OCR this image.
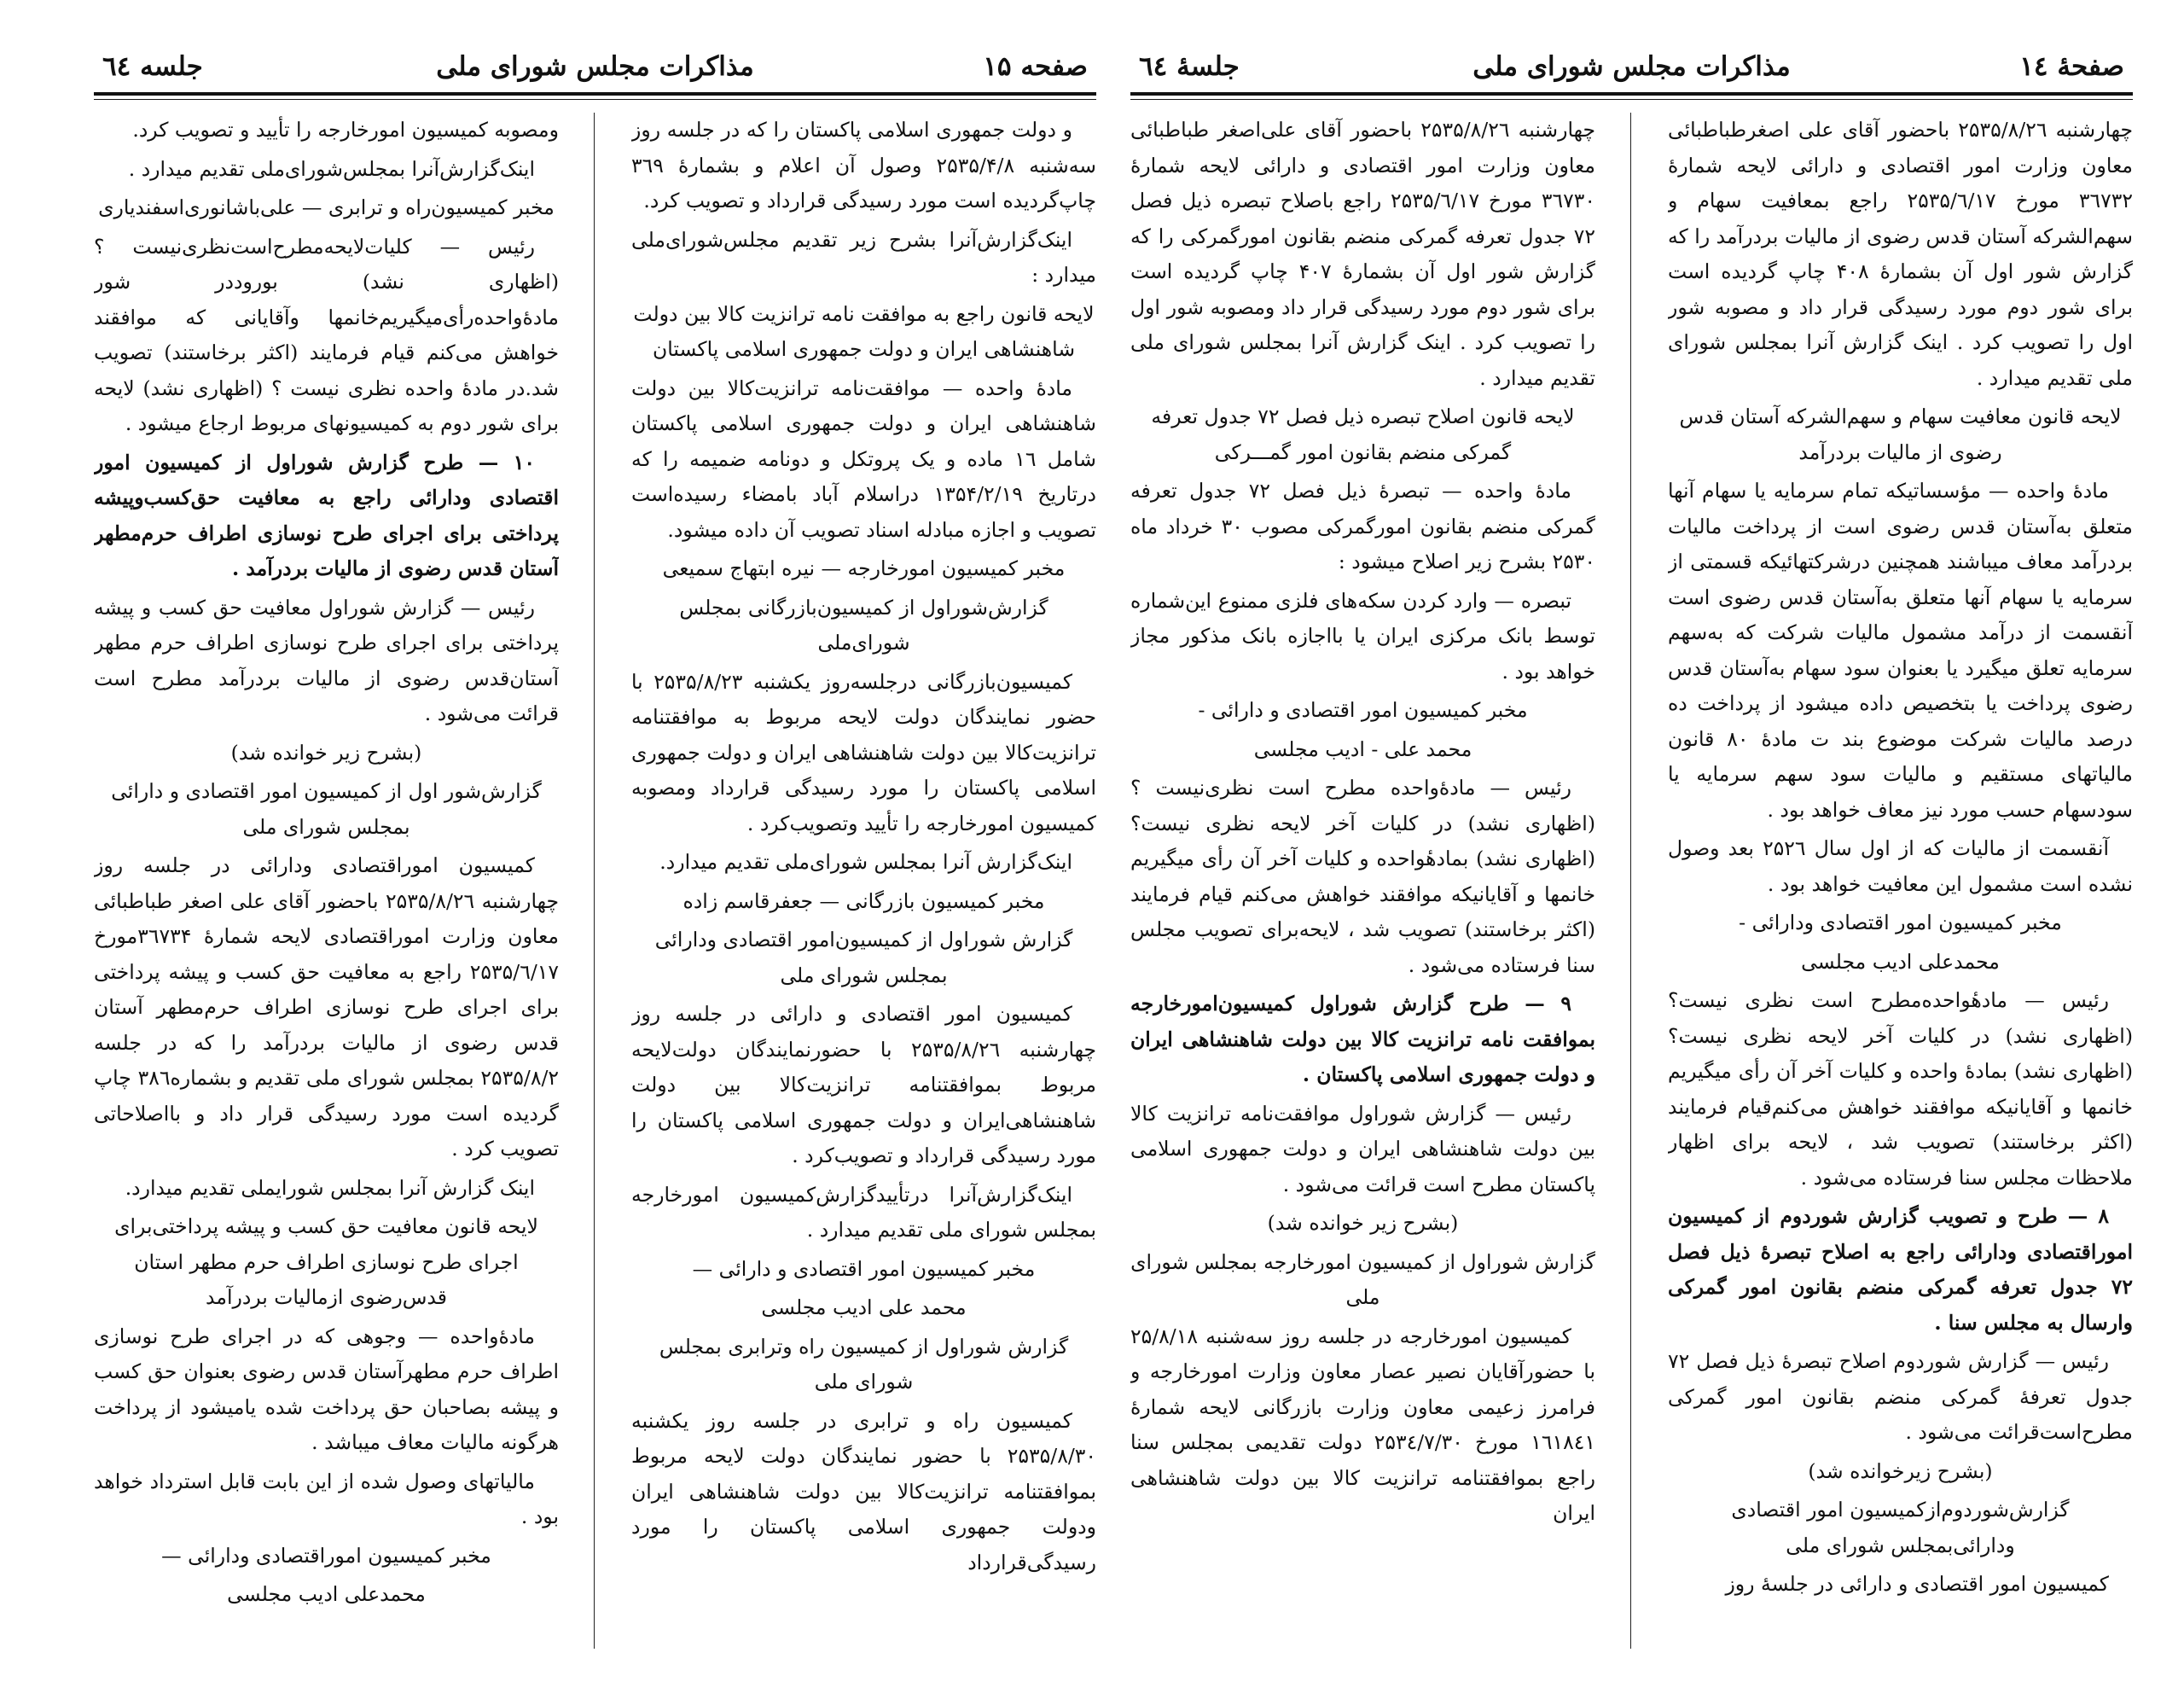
صفحه ۱۵
مذاکرات مجلس شورای ملی
جلسه ٦٤

و دولت جمهوری اسلامی پاکستان را که در جلسه روز سه‌شنبه ۲۵۳۵/۴/۸ وصول آن اعلام و بشمارهٔ ۳٦۹ چاپ‌گردیده است مورد رسیدگی قرارداد و تصویب کرد.

اینک‌گزارش‌آنرا بشرح زیر تقدیم مجلس‌شورای‌ملی میدارد :

لایحه قانون راجع به موافقت نامه ترانزیت کالا بین دولت شاهنشاهی ایران و دولت جمهوری اسلامی پاکستان

مادهٔ واحده — موافقت‌نامه ترانزیت‌کالا بین دولت شاهنشاهی ایران و دولت جمهوری اسلامی پاکستان شامل ۱٦ ماده و یک پروتکل و دونامه ضمیمه را که درتاریخ ۱۳۵۴/۲/۱۹ دراسلام آباد بامضاء رسیده‌است تصویب و اجازه مبادله اسناد تصویب آن داده میشود.

مخبر کمیسیون امورخارجه — نیره ابتهاج سمیعی

گزارش‌شوراول از کمیسیون‌بازرگانی بمجلس شورای‌ملی

کمیسیون‌بازرگانی درجلسه‌روز یکشنبه ۲۵۳۵/۸/۲۳ با حضور نمایندگان دولت لایحه مربوط به موافقتنامه ترانزیت‌کالا بین دولت شاهنشاهی ایران و دولت جمهوری اسلامی پاکستان را مورد رسیدگی قرارداد ومصوبه کمیسیون امورخارجه را تأیید وتصویب‌کرد .

اینک‌گزارش آنرا بمجلس شورای‌ملی تقدیم میدارد.

مخبر کمیسیون بازرگانی — جعفرقاسم زاده

گزارش شوراول از کمیسیون‌امور اقتصادی ودارائی بمجلس شورای ملی

کمیسیون امور اقتصادی و دارائی در جلسه روز چهارشنبه ۲۵۳۵/۸/۲٦ با حضورنمایندگان دولت‌لایحه مربوط بموافقتنامه ترانزیت‌کالا بین دولت شاهنشاهی‌ایران و دولت جمهوری اسلامی پاکستان را مورد رسیدگی قرارداد و تصویب‌کرد .

اینک‌گزارش‌آنرا درتأییدگزارش‌کمیسیون امورخارجه بمجلس شورای ملی تقدیم میدارد .

مخبر کمیسیون امور اقتصادی و دارائی —

محمد علی ادیب مجلسی

گزارش شوراول از کمیسیون راه وترابری بمجلس شورای ملی

کمیسیون راه و ترابری در جلسه روز یکشنبه ۲۵۳۵/۸/۳۰ با حضور نمایندگان دولت لایحه مربوط بموافقتنامه ترانزیت‌کالا بین دولت شاهنشاهی ایران ودولت جمهوری اسلامی پاکستان را مورد رسیدگی‌قرارداد

ومصوبه کمیسیون امورخارجه را تأیید و تصویب کرد.

اینک‌گزارش‌آنرا بمجلس‌شورای‌ملی تقدیم میدارد .

مخبر کمیسیون‌راه و ترابری — علی‌باشانوری‌اسفندیاری

رئیس — کلیات‌لایحه‌مطرح‌است‌نظری‌نیست ؟ (اظهاری نشد) بورود‌در شور مادهٔ‌واحده‌رأی‌میگیریم‌خانمها وآقایانی که موافقند خواهش می‌کنم قیام فرمایند (اکثر برخاستند) تصویب شد.در مادهٔ واحده نظری نیست ؟ (اظهاری نشد) لایحه برای شور دوم به کمیسیونهای مربوط ارجاع میشود .

۱۰ — طرح گزارش شوراول از کمیسیون امور اقتصادی ودارائی راجع به معافیت حق‌کسب‌وپیشه پرداختی برای اجرای طرح نوسازی اطراف حرم‌مطهر آستان قدس رضوی از مالیات بردرآمد .

رئیس — گزارش شوراول معافیت حق کسب و پیشه پرداختی برای اجرای طرح نوسازی اطراف حرم مطهر آستان‌قدس رضوی از مالیات بردرآمد مطرح است قرائت می‌شود .

(بشرح زیر خوانده شد)

گزارش‌شور اول از کمیسیون امور اقتصادی و دارائی بمجلس شورای ملی

کمیسیون اموراقتصادی ودارائی در جلسه روز چهارشنبه ۲۵۳۵/۸/۲٦ باحضور آقای علی اصغر طباطبائی معاون وزارت اموراقتصادی لایحه شمارهٔ ۳٦۷۳۴مورخ ۲۵۳۵/٦/۱۷ راجع به معافیت حق کسب و پیشه پرداختی برای اجرای طرح نوسازی اطراف حرم‌مطهر آستان قدس رضوی از مالیات بردرآمد را که در جلسه ۲۵۳۵/۸/۲ بمجلس شورای ملی تقدیم و بشماره۳۸٦ چاپ گردیده است مورد رسیدگی قرار داد و بااصلاحاتی تصویب کرد .

اینک گزارش آنرا بمجلس شورایملی تقدیم میدارد.

لایحه قانون معافیت حق کسب و پیشه پرداختی‌برای اجرای طرح نوسازی اطراف حرم مطهر استان قدس‌رضوی ازمالیات بردرآمد

مادهٔ‌واحده — وجوهی که در اجرای طرح نوسازی اطراف حرم مطهر‌آستان قدس رضوی بعنوان حق کسب و پیشه بصاحبان حق پرداخت شده یامیشود از پرداخت هرگونه مالیات معاف میباشد .

مالیاتهای وصول شده از این بابت قابل استرداد خواهد بود .

مخبر کمیسیون اموراقتصادی ودارائی —

محمدعلی ادیب مجلسی

صفحهٔ ۱٤
مذاکرات مجلس شورای ملی
جلسهٔ ٦٤

چهارشنبه ۲۵۳۵/۸/۲٦ باحضور آقای علی اصغرطباطبائی معاون وزارت امور اقتصادی و دارائی لایحه شمارهٔ ۳٦۷۳۲ مورخ ۲۵۳۵/٦/۱۷ راجع بمعافیت سهام و سهم‌الشرکه آستان قدس رضوی از مالیات بردرآمد را که گزارش شور اول آن بشمارهٔ ۴۰۸ چاپ گردیده است برای شور دوم مورد رسیدگی قرار داد و مصوبه شور اول را تصویب کرد . اینک گزارش آنرا بمجلس شورای ملی تقدیم میدارد .

لایحه قانون معافیت سهام و سهم‌الشرکه آستان قدس رضوی از مالیات بردرآمد

مادهٔ واحده — مؤسساتیکه تمام سرمایه یا سهام آنها متعلق به‌آستان قدس رضوی است از پرداخت مالیات بردرآمد معاف میباشند همچنین درشرکتهائیکه قسمتی از سرمایه یا سهام آنها متعلق به‌آستان قدس رضوی است آنقسمت از درآمد مشمول مالیات شرکت که به‌سهم سرمایه تعلق میگیرد یا بعنوان سود سهام به‌آستان قدس رضوی پرداخت یا بتخصیص داده میشود از پرداخت ده درصد مالیات شرکت موضوع بند ت مادهٔ ۸۰ قانون مالیاتهای مستقیم و مالیات سود سهم سرمایه یا سودسهام حسب مورد نیز معاف خواهد بود .

آنقسمت از مالیات که از اول سال ۲۵۲٦ بعد وصول نشده است مشمول این معافیت خواهد بود .

مخبر کمیسیون امور اقتصادی ودارائی -

محمدعلی ادیب مجلسی

رئیس — مادهٔواحده‌مطرح است نظری نیست؟ (اظهاری نشد) در کلیات آخر لایحه نظری نیست؟ (اظهاری نشد) بمادهٔ واحده و کلیات آخر آن رأی میگیریم خانمها و آقایانیکه موافقند خواهش می‌کنم‌قیام فرمایند (اکثر برخاستند) تصویب شد ، لایحه برای اظهار ملاحظات مجلس سنا فرستاده می‌شود .

۸ — طرح و تصویب گزارش شوردوم از کمیسیون اموراقتصادی ودارائی راجع به اصلاح تبصرهٔ ذیل فصل ۷۲ جدول تعرفه گمرکی منضم بقانون امور گمرکی وارسال به مجلس سنا .

رئیس — گزارش شوردوم اصلاح تبصرهٔ ذیل فصل ۷۲ جدول تعرفهٔ گمرکی منضم بقانون امور گمرکی مطرح‌است‌قرائت می‌شود .

(بشرح زیرخوانده شد)

گزارش‌شوردوم‌از‌کمیسیون امور اقتصادی ودارائی‌بمجلس شورای ملی

کمیسیون امور اقتصادی و دارائی در جلسهٔ روز

چهارشنبه ۲۵۳۵/۸/۲٦ باحضور آقای علی‌اصغر طباطبائی معاون وزارت امور اقتصادی و دارائی لایحه شمارهٔ ۳٦۷۳۰ مورخ ۲۵۳۵/٦/۱۷ راجع باصلاح تبصره ذیل فصل ۷۲ جدول تعرفه گمرکی منضم بقانون امورگمرکی را که گزارش شور اول آن بشمارهٔ ۴۰۷ چاپ گردیده است برای شور دوم مورد رسیدگی قرار داد ومصوبه شور اول را تصویب کرد . اینک گزارش آنرا بمجلس شورای ملی تقدیم میدارد .

لایحه قانون اصلاح تبصره ذیل فصل ۷۲ جدول تعرفه گمرکی منضم بقانون امور گمـــرکی

مادهٔ واحده — تبصرهٔ ذیل فصل ۷۲ جدول تعرفه گمرکی منضم بقانون امورگمرکی مصوب ۳۰ خرداد ماه ۲۵۳۰ بشرح زیر اصلاح میشود :

تبصره — وارد کردن سکه‌های فلزی ممنوع این‌شماره توسط بانک مرکزی ایران یا بااجازه بانک مذکور مجاز خواهد بود .

مخبر کمیسیون امور اقتصادی و دارائی -

محمد علی - ادیب مجلسی

رئیس — مادهٔ‌واحده مطرح است نظری‌نیست ؟ (اظهاری نشد) در کلیات آخر لایحه نظری نیست؟ (اظهاری نشد) بمادهٔواحده و کلیات آخر آن رأی میگیریم خانمها و آقایانیکه موافقند خواهش می‌کنم قیام فرمایند (اکثر برخاستند) تصویب شد ، لایحه‌برای تصویب مجلس سنا فرستاده می‌شود .

۹ — طرح گزارش شوراول کمیسیون‌امورخارجه بموافقت نامه ترانزیت کالا بین دولت شاهنشاهی ایران و دولت جمهوری اسلامی پاکستان .

رئیس — گزارش شوراول موافقت‌نامه ترانزیت کالا بین دولت شاهنشاهی ایران و دولت جمهوری اسلامی پاکستان مطرح است قرائت می‌شود .

(بشرح زیر خوانده شد)

گزارش شوراول از کمیسیون امورخارجه بمجلس شورای ملی

کمیسیون امورخارجه در جلسه روز سه‌شنبه ۲۵/۸/۱۸ با حضورآقایان نصیر عصار معاون وزارت امورخارجه و فرامرز زعیمی معاون وزارت بازرگانی لایحه شمارهٔ ۱٦۱۸٤۱ مورخ ۲۵۳٤/۷/۳۰ دولت تقدیمی بمجلس سنا راجع بموافقتنامه ترانزیت کالا بین دولت شاهنشاهی ایران
